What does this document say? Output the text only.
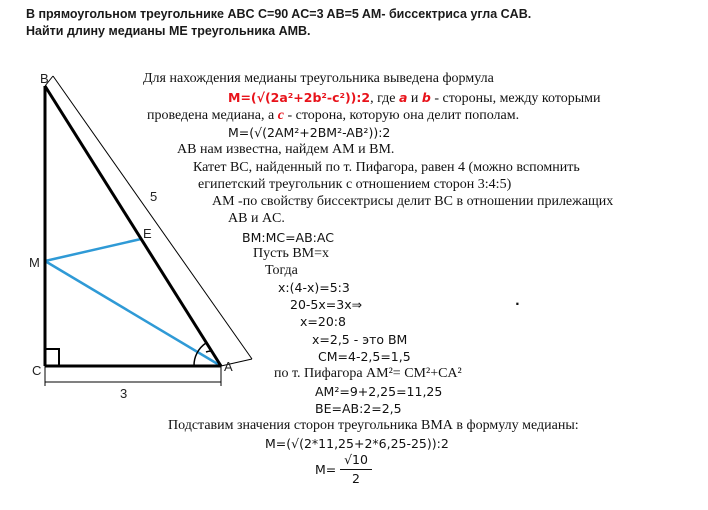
В прямоугольном треугольнике ABC C=90 AC=3 AB=5 AM- биссектриса угла CAB.
Найти длину медианы ME треугольника AMB.
B
M
C	A
E
5
3
Для нахождения медианы треугольника выведена формула
M=(√(2a²+2b²-c²)):2, где a и b - стороны, между которыми
проведена медиана, а с - сторона, которую она делит пополам.
M=(√(2AM²+2BM²-AB²)):2
AB нам известна, найдем AM и BM.
Катет ВС, найденный по т. Пифагора, равен 4 (можно вспомнить
египетский треугольник с отношением сторон 3:4:5)
AM -по свойству биссектрисы делит ВС в отношении прилежащих
AB и AC.
BM:MC=AB:AC
Пусть ВМ=х
Тогда
x:(4-x)=5:3
20-5x=3x⇒
x=20:8
x=2,5 - это ВМ
CM=4-2,5=1,5
по т. Пифагора AM²= CM²+CA²
AM²=9+2,25=11,25
BE=AB:2=2,5
Подставим значения сторон треугольника ВМА в формулу медианы:
M=(√(2*11,25+2*6,25-25)):2
M=
√10
2
.
